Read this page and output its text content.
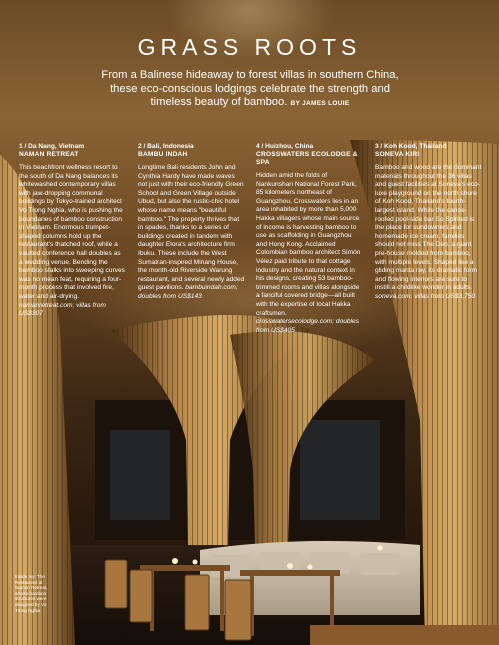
GRASS ROOTS

From a Balinese hideaway to forest villas in southern China, these eco-conscious lodgings celebrate the strength and timeless beauty of bamboo. BY JAMES LOUIE

1 / Da Nang, Vietnam
NAMAN RETREAT
This beachfront wellness resort to the south of Da Nang balances its whitewashed contemporary villas with jaw-dropping communal buildings by Tokyo-trained architect Vo Trong Nghia, who is pushing the boundaries of bamboo construction in Vietnam. Enormous trumpet-shaped columns hold up the restaurant's thatched roof, while a vaulted conference hall doubles as a wedding venue. Bending the bamboo stalks into sweeping curves was no mean feat, requiring a four-month process that involved fire, water and air-drying. namanretreat.com; villas from US$307
2 / Bali, Indonesia
BAMBU INDAH
Longtime Bali residents John and Cynthia Hardy have made waves not just with their eco-friendly Green School and Green Village outside Ubud, but also the rustic-chic hotel whose name means "beautiful bamboo." The property thrives that in spades, thanks to a series of buildings created in tandem with daughter Elora's architecture firm Ibuku. These include the West Sumatran-inspired Minang House, the month-old Riverside Warung restaurant, and several newly added guest pavilions. bambuindah.com; doubles from US$143
4 / Huizhou, China
CROSSWATERS ECOLODGE & SPA
Hidden amid the folds of Nankunshan National Forest Park, 85 kilometers northeast of Guangzhou, Crosswaters lies in an area inhabited by more than 5,000 Hakka villagers whose main source of income is harvesting bamboo to use as scaffolding in Guangzhou and Hong Kong. Acclaimed Colombian bamboo architect Simón Vélez paid tribute to that cottage industry and the natural context in his designs, creating 53 bamboo-trimmed rooms and villas alongside a fanciful covered bridge—all built with the expertise of local Hakka craftsmen. crosswatersecolodge.com; doubles from US$405
3 / Koh Kood, Thailand
SONEVA KIRI
Bamboo and wood are the dominant materials throughout the 36 villas and guest facilities at Soneva's eco-luxe playground on the north shore of Koh Kood, Thailand's fourth-largest island. While the canoe-roofed pool-side bar So Spirited is the place for sundowners and homemade ice cream, families should not miss The Den, a giant pre-house molded from bamboo, with multiple levels. Shaped like a gliding manta ray, its dramatic form and flowing interiors are sure to instill a childlike wonder in adults. soneva.com; villas from US$3,750
Inside Ivy: The Restaurant at Naman Retreat, whose bamboo structures were designed by Vo Trong Nghia.
